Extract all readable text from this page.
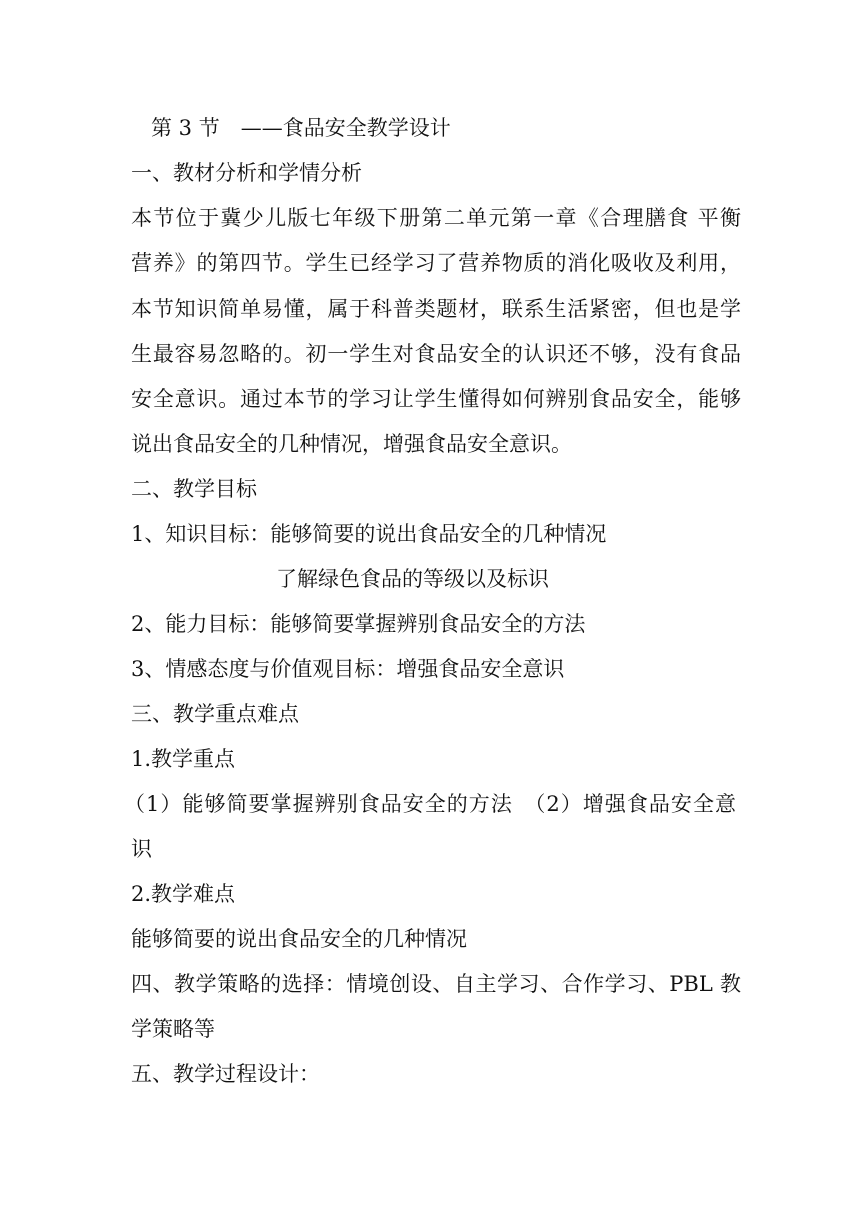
第 3 节　——食品安全教学设计
一、教材分析和学情分析
本节位于冀少儿版七年级下册第二单元第一章《合理膳食 平衡
营养》的第四节。学生已经学习了营养物质的消化吸收及利用，
本节知识简单易懂，属于科普类题材，联系生活紧密，但也是学
生最容易忽略的。初一学生对食品安全的认识还不够，没有食品
安全意识。通过本节的学习让学生懂得如何辨别食品安全，能够
说出食品安全的几种情况，增强食品安全意识。
二、教学目标
1、知识目标：能够简要的说出食品安全的几种情况
了解绿色食品的等级以及标识
2、能力目标：能够简要掌握辨别食品安全的方法
3、情感态度与价值观目标：增强食品安全意识
三、教学重点难点
1.教学重点
（1）能够简要掌握辨别食品安全的方法　（2）增强食品安全意
识
2.教学难点
能够简要的说出食品安全的几种情况
四、教学策略的选择：情境创设、自主学习、合作学习、PBL 教
学策略等
五、教学过程设计：
